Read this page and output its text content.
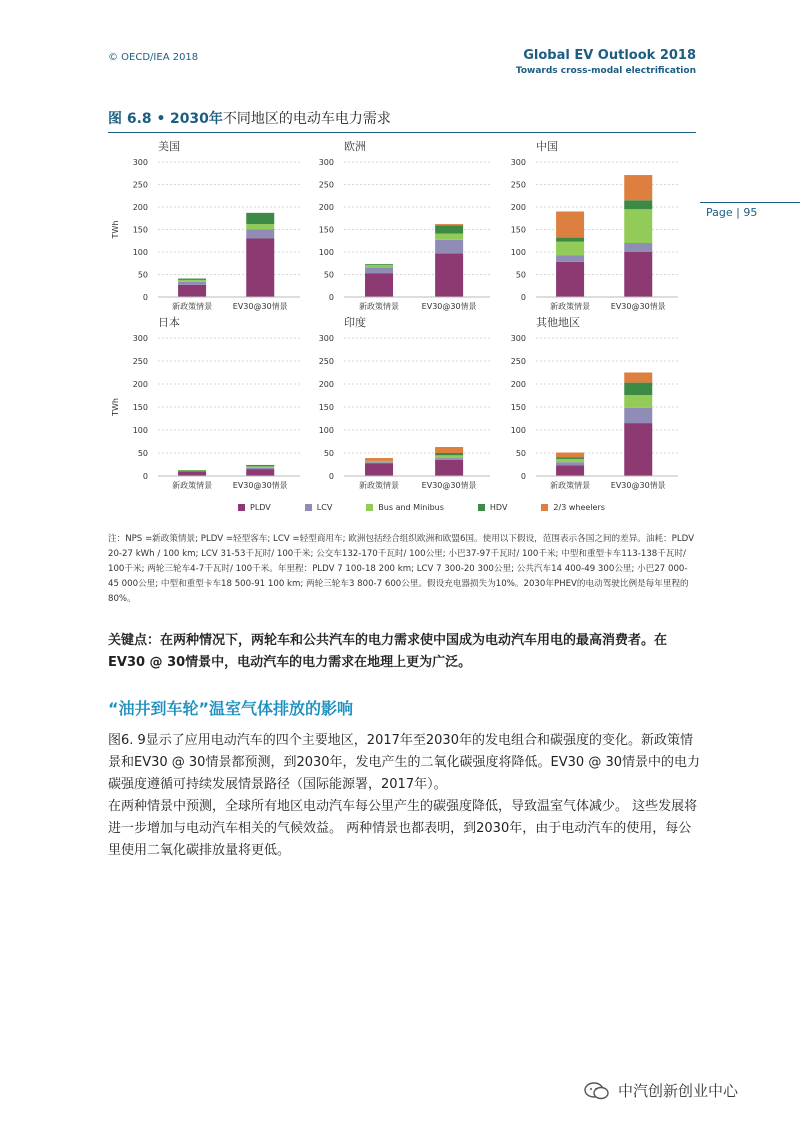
© OECD/IEA 2018	Global EV Outlook 2018
Towards cross-modal electrification
Page | 95
图 6.8 • 2030年不同地区的电动车电力需求
0
50
100
150
200
250
300
美国
TWh
新政策情景	EV30@30情景
0
50
100
150
200
250
300
欧洲
新政策情景	EV30@30情景
0
50
100
150
200
250
300
中国
新政策情景	EV30@30情景
0
50
100
150
200
250
300
日本
TWh
新政策情景	EV30@30情景
0
50
100
150
200
250
300
印度
新政策情景	EV30@30情景
0
50
100
150
200
250
300
其他地区
新政策情景	EV30@30情景
PLDV	LCV	Bus and Minibus	HDV	2/3 wheelers
注：NPS =新政策情景; PLDV =轻型客车; LCV =轻型商用车; 欧洲包括经合组织欧洲和欧盟6国。使用以下假设，范围表示各国之间的差异。油耗：PLDV 20-27 kWh / 100 km; LCV 31-53千瓦时/ 100千米; 公交车132-170千瓦时/ 100公里; 小巴37-97千瓦时/ 100千米; 中型和重型卡车113-138千瓦时/ 100千米; 两轮三轮车4-7千瓦时/ 100千米。年里程：PLDV 7 100-18 200 km; LCV 7 300-20 300公里; 公共汽车14 400-49 300公里; 小巴27 000-45 000公里; 中型和重型卡车18 500-91 100 km; 两轮三轮车3 800-7 600公里。假设充电器损失为10%。2030年PHEV的电动驾驶比例是每年里程的80%。
关键点：在两种情况下，两轮车和公共汽车的电力需求使中国成为电动汽车用电的最高消费者。在EV30 @ 30情景中，电动汽车的电力需求在地理上更为广泛。
“油井到车轮”温室气体排放的影响

图6. 9显示了应用电动汽车的四个主要地区，2017年至2030年的发电组合和碳强度的变化。新政策情景和EV30 @ 30情景都预测，到2030年，发电产生的二氧化碳强度将降低。EV30 @ 30情景中的电力碳强度遵循可持续发展情景路径（国际能源署，2017年）。

在两种情景中预测，全球所有地区电动汽车每公里产生的碳强度降低，导致温室气体减少。 这些发展将进一步增加与电动汽车相关的气候效益。 两种情景也都表明，到2030年，由于电动汽车的使用，每公里使用二氧化碳排放量将更低。

中汽创新创业中心
